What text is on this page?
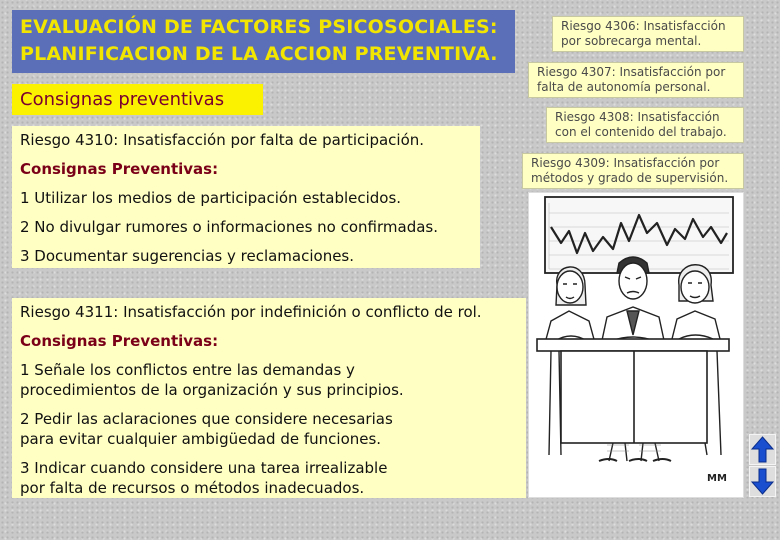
EVALUACIÓN DE FACTORES PSICOSOCIALES:
PLANIFICACION DE LA ACCION PREVENTIVA.
Consignas preventivas

Riesgo 4310: Insatisfacción por falta de participación.

Consignas Preventivas:

1 Utilizar los medios de participación establecidos.

2 No divulgar rumores o informaciones no confirmadas.

3 Documentar sugerencias y reclamaciones.

Riesgo 4311: Insatisfacción por indefinición o conflicto de rol.

Consignas Preventivas:

1 Señale los conflictos entre las demandas y
procedimientos de la organización y sus principios.

2 Pedir las aclaraciones que considere necesarias
para evitar cualquier ambigüedad de funciones.

3 Indicar cuando considere una tarea irrealizable
por falta de recursos o métodos inadecuados.

Riesgo 4306: Insatisfacción
por sobrecarga mental.
Riesgo 4307: Insatisfacción por
falta de autonomía personal.
Riesgo 4308: Insatisfacción
con el contenido del trabajo.
Riesgo 4309: Insatisfacción por
métodos y grado de supervisión.
MM
